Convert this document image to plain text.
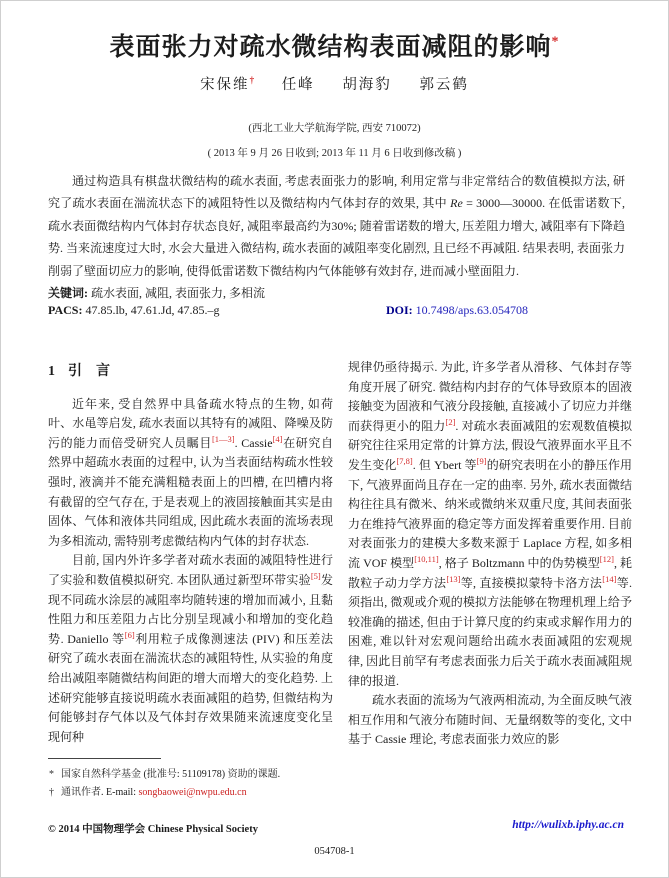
表面张力对疏水微结构表面减阻的影响*
宋保维† 任峰 胡海豹 郭云鹤
(西北工业大学航海学院, 西安 710072)
( 2013 年 9 月 26 日收到; 2013 年 11 月 6 日收到修改稿 )
通过构造具有棋盘状微结构的疏水表面, 考虑表面张力的影响, 利用定常与非定常结合的数值模拟方法, 研究了疏水表面在湍流状态下的减阻特性以及微结构内气体封存的效果, 其中 Re = 3000—30000. 在低雷诺数下, 疏水表面微结构内气体封存状态良好, 减阻率最高约为30%; 随着雷诺数的增大, 压差阻力增大, 减阻率有下降趋势. 当来流速度过大时, 水会大量进入微结构, 疏水表面的减阻率变化剧烈, 且已经不再减阻. 结果表明, 表面张力削弱了壁面切应力的影响, 使得低雷诺数下微结构内气体能够有效封存, 进而减小壁面阻力.
关键词: 疏水表面, 减阻, 表面张力, 多相流
PACS: 47.85.lb, 47.61.Jd, 47.85.–g	DOI: 10.7498/aps.63.054708
1 引　言

近年来, 受自然界中具备疏水特点的生物, 如荷叶、水黾等启发, 疏水表面以其特有的减阻、降噪及防污的能力而倍受研究人员瞩目[1—3]. Cassie[4]在研究自然界中超疏水表面的过程中, 认为当表面结构疏水性较强时, 液滴并不能充满粗糙表面上的凹槽, 在凹槽内将有截留的空气存在, 于是表观上的液固接触面其实是由固体、气体和液体共同组成, 因此疏水表面的流场表现为多相流动, 需特别考虑微结构内气体的封存状态.

目前, 国内外许多学者对疏水表面的减阻特性进行了实验和数值模拟研究. 本团队通过新型环带实验[5]发现不同疏水涂层的减阻率均随转速的增加而减小, 且黏性阻力和压差阻力占比分别呈现减小和增加的变化趋势. Daniello 等[6]利用粒子成像测速法 (PIV) 和压差法研究了疏水表面在湍流状态的减阻特性, 从实验的角度给出减阻率随微结构间距的增大而增大的变化趋势. 上述研究能够直接说明疏水表面减阻的趋势, 但微结构为何能够封存气体以及气体封存效果随来流速度变化呈现何种

规律仍亟待揭示. 为此, 许多学者从滑移、气体封存等角度开展了研究. 微结构内封存的气体导致原本的固液接触变为固液和气液分段接触, 直接减小了切应力并继而获得更小的阻力[2]. 对疏水表面减阻的宏观数值模拟研究往往采用定常的计算方法, 假设气液界面水平且不发生变化[7,8]. 但 Ybert 等[9]的研究表明在小的静压作用下, 气液界面尚且存在一定的曲率. 另外, 疏水表面微结构往往具有微米、纳米或微纳米双重尺度, 其间表面张力在维持气液界面的稳定等方面发挥着重要作用. 目前对表面张力的建模大多数来源于 Laplace 方程, 如多相流 VOF 模型[10,11], 格子 Boltzmann 中的伪势模型[12], 耗散粒子动力学方法[13]等, 直接模拟蒙特卡洛方法[14]等. 须指出, 微观或介观的模拟方法能够在物理机理上给予较准确的描述, 但由于计算尺度的约束或求解作用力的困难, 难以针对宏观问题给出疏水表面减阻的宏观规律, 因此目前罕有考虑表面张力后关于疏水表面减阻规律的报道.

疏水表面的流场为气液两相流动, 为全面反映气液相互作用和气液分布随时间、无量纲数等的变化, 文中基于 Cassie 理论, 考虑表面张力效应的影

* 国家自然科学基金 (批准号: 51109178) 资助的课题.
† 通讯作者. E-mail: songbaowei@nwpu.edu.cn
© 2014 中国物理学会 Chinese Physical Society	http://wulixb.iphy.ac.cn
054708-1
